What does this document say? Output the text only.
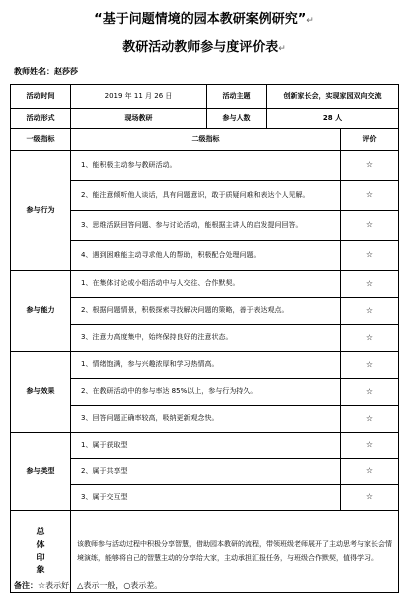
“基于问题情境的园本教研案例研究”↵
教研活动教师参与度评价表↵
教师姓名：赵莎莎
活动时间	2019 年 11 月 26 日	活动主题	创新家长会，实现家园双向交流	
活动形式	现场教研	参与人数	28 人	
一级指标	二级指标			评价
参与行为	1、能积极主动参与教研活动。			☆
	2、能注意倾听他人谈话，具有问题意识，敢于质疑问难和表达个人见解。			☆
	3、思维活跃回答问题、参与讨论活动，能根据主讲人的启发提问回答。			☆
	4、遇到困难能主动寻求他人的帮助，积极配合处理问题。			☆
参与能力	1、在集体讨论或小组活动中与人交往、合作默契。			☆
	2、根据问题情景，积极探索寻找解决问题的策略，善于表达观点。			☆
	3、注意力高度集中，始终保持良好的注意状态。			☆
参与效果	1、情绪饱满，参与兴趣浓厚和学习热情高。			☆
	2、在教研活动中的参与率达 85%以上，参与行为持久。			☆
	3、回答问题正确率较高，吸纳更新观念快。			☆
参与类型	1、属于获取型			☆
	2、属于共享型			☆
	3、属于交互型			☆

总
体
印
象	该教师参与活动过程中积极分享智慧，借助园本教研的流程，带领班级老师展开了主动思考与家长会情境演练，能够将自己的智慧主动的分享给大家，主动承担汇报任务，与班级合作默契，值得学习。			
备注：☆表示好，△表示一般，○表示差。
